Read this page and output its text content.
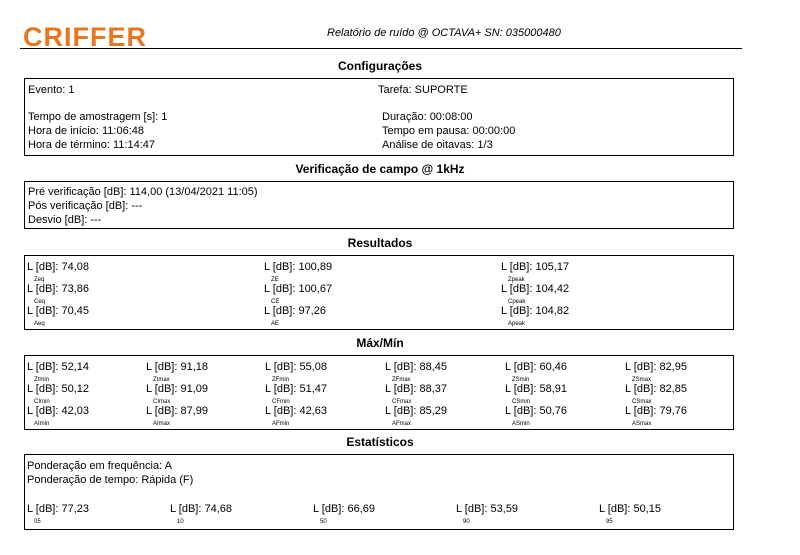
CRIFFER	Relatório de ruído @ OCTAVA+ SN: 035000480
Configurações
Evento: 1	Tarefa: SUPORTE
Tempo de amostragem [s]: 1
Hora de início: 11:06:48
Hora de término: 11:14:47
Duração: 00:08:00
Tempo em pausa: 00:00:00
Análise de oitavas: 1/3
Verificação de campo @ 1kHz
Pré verificação [dB]: 114,00 (13/04/2021 11:05)
Pós verificação [dB]: ---
Desvio [dB]: ---
Resultados
L [dB]: 74,08
Zeq
L [dB]: 100,89
ZE
L [dB]: 105,17
Zpeak
L [dB]: 73,86
Ceq
L [dB]: 100,67
CE
L [dB]: 104,42
Cpeak
L [dB]: 70,45
Aeq
L [dB]: 97,26
AE
L [dB]: 104,82
Apeak
Máx/Mín
L [dB]: 52,14
Ztmin
L [dB]: 91,18
Ztmax
L [dB]: 55,08
ZFmin
L [dB]: 88,45
ZFmax
L [dB]: 60,46
ZSmin
L [dB]: 82,95
ZSmax
L [dB]: 50,12
CImin
L [dB]: 91,09
CImax
L [dB]: 51,47
CFmin
L [dB]: 88,37
CFmax
L [dB]: 58,91
CSmin
L [dB]: 82,85
CSmax
L [dB]: 42,03
AImin
L [dB]: 87,99
AImax
L [dB]: 42,63
AFmin
L [dB]: 85,29
AFmax
L [dB]: 50,76
ASmin
L [dB]: 79,76
ASmax
Estatísticos
Ponderação em frequência: A
Ponderação de tempo: Rápida (F)
L [dB]: 77,23
05
L [dB]: 74,68
10
L [dB]: 66,69
50
L [dB]: 53,59
90
L [dB]: 50,15
95
